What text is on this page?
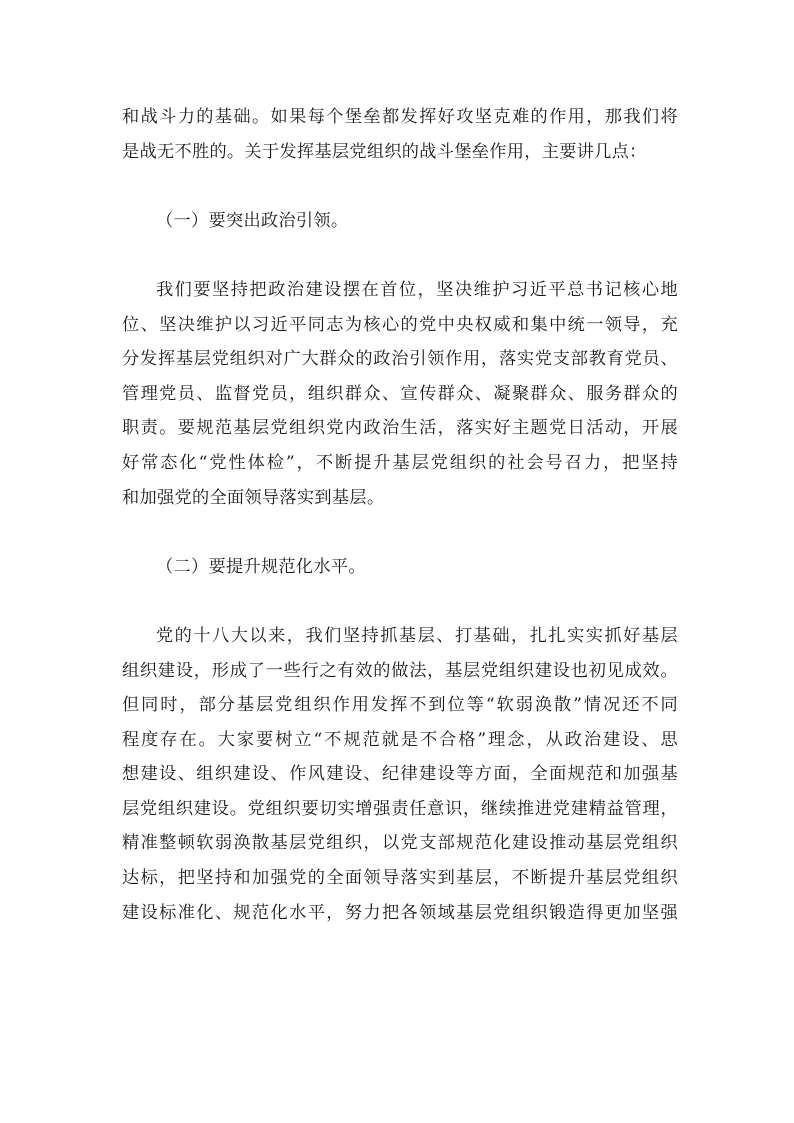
和战斗力的基础。如果每个堡垒都发挥好攻坚克难的作用，那我们将
是战无不胜的。关于发挥基层党组织的战斗堡垒作用，主要讲几点：
（一）要突出政治引领。
我们要坚持把政治建设摆在首位，坚决维护习近平总书记核心地
位、坚决维护以习近平同志为核心的党中央权威和集中统一领导，充
分发挥基层党组织对广大群众的政治引领作用，落实党支部教育党员、
管理党员、监督党员，组织群众、宣传群众、凝聚群众、服务群众的
职责。要规范基层党组织党内政治生活，落实好主题党日活动，开展
好常态化“党性体检”，不断提升基层党组织的社会号召力，把坚持
和加强党的全面领导落实到基层。
（二）要提升规范化水平。
党的十八大以来，我们坚持抓基层、打基础，扎扎实实抓好基层
组织建设，形成了一些行之有效的做法，基层党组织建设也初见成效。
但同时，部分基层党组织作用发挥不到位等“软弱涣散”情况还不同
程度存在。大家要树立“不规范就是不合格”理念，从政治建设、思
想建设、组织建设、作风建设、纪律建设等方面，全面规范和加强基
层党组织建设。党组织要切实增强责任意识，继续推进党建精益管理，
精准整顿软弱涣散基层党组织，以党支部规范化建设推动基层党组织
达标，把坚持和加强党的全面领导落实到基层，不断提升基层党组织
建设标准化、规范化水平，努力把各领域基层党组织锻造得更加坚强
